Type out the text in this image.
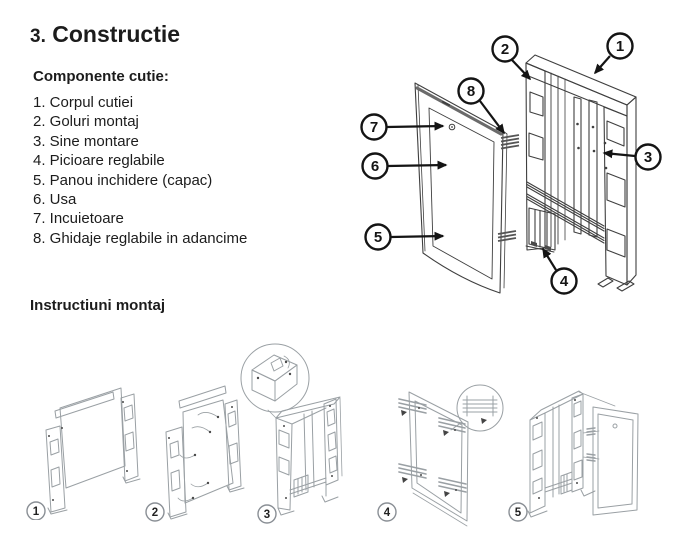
3. Constructie
Componente cutie:
1. Corpul cutiei
2. Goluri montaj
3. Sine montare
4. Picioare reglabile
5. Panou inchidere (capac)
6. Usa
7. Incuietoare
8. Ghidaje reglabile in adancime
1
2
3
4
5
6
7
8
Instructiuni montaj
1	2	3	4	5
